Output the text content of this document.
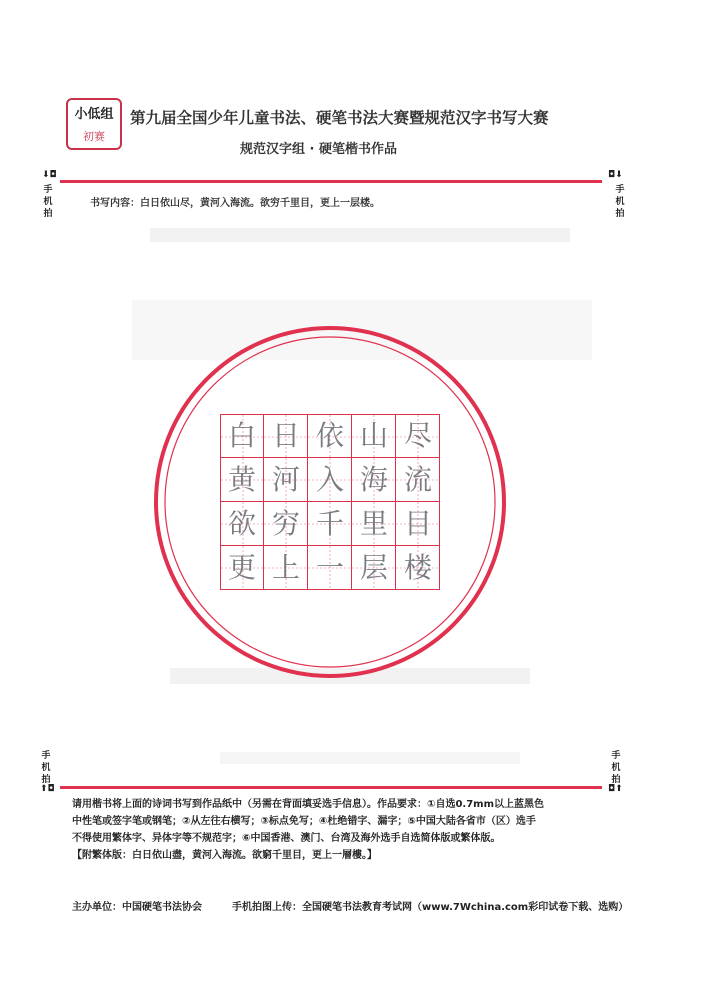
小低组
初赛
第九届全国少年儿童书法、硬笔书法大赛暨规范汉字书写大赛
规范汉字组 · 硬笔楷书作品
⬇◘	◘⬇
手
机
拍
手
机
拍
书写内容：白日依山尽，黄河入海流。欲穷千里目，更上一层楼。
白 日 依 山 尽
黄 河 入 海 流
欲 穷 千 里 目
更 上 一 层 楼
手
机
拍
手
机
拍
⬆◘	◘⬆
请用楷书将上面的诗词书写到作品纸中（另需在背面填妥选手信息）。作品要求：①自选0.7mm以上蓝黑色
中性笔或签字笔或钢笔；②从左往右横写；③标点免写；④杜绝错字、漏字；⑤中国大陆各省市（区）选手
不得使用繁体字、异体字等不规范字；⑥中国香港、澳门、台湾及海外选手自选简体版或繁体版。
【附繁体版：白日依山盡，黄河入海流。欲窮千里目，更上一層樓。】
主办单位：中国硬笔书法协会	手机拍图上传：全国硬笔书法教育考试网（www.7Wchina.com彩印试卷下载、选购）
